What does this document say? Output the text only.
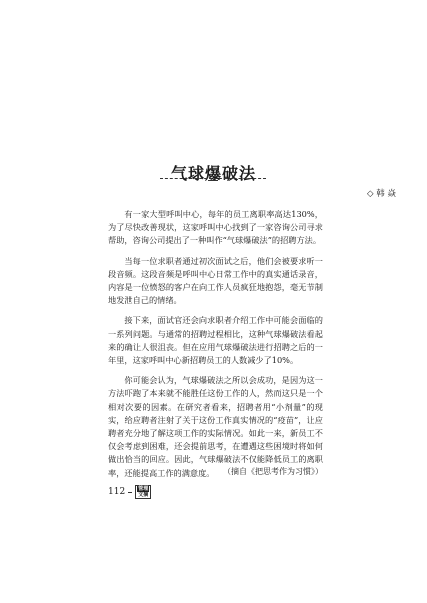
气球爆破法
◇ 韩 焱

有一家大型呼叫中心，每年的员工离职率高达130%，为了尽快改善现状，这家呼叫中心找到了一家咨询公司寻求帮助，咨询公司提出了一种叫作“气球爆破法”的招聘方法。

当每一位求职者通过初次面试之后，他们会被要求听一段音频。这段音频是呼叫中心日常工作中的真实通话录音，内容是一位愤怒的客户在向工作人员疯狂地抱怨，毫无节制地发泄自己的情绪。

接下来，面试官还会向求职者介绍工作中可能会面临的一系列问题。与通常的招聘过程相比，这种气球爆破法看起来的确让人很沮丧。但在应用气球爆破法进行招聘之后的一年里，这家呼叫中心新招聘员工的人数减少了10%。

你可能会认为，气球爆破法之所以会成功，是因为这一方法吓跑了本来就不能胜任这份工作的人，然而这只是一个相对次要的因素。在研究者看来，招聘者用“小剂量”的现实，给应聘者注射了关于这份工作真实情况的“疫苗”，让应聘者充分地了解这项工作的实际情况。如此一来，新员工不仅会考虑到困难，还会提前思考，在遭遇这些困境时将如何做出恰当的回应。因此，气球爆破法不仅能降低员工的离职率，还能提高工作的满意度。	（摘自《把思考作为习惯》）
112	管理
文摘
